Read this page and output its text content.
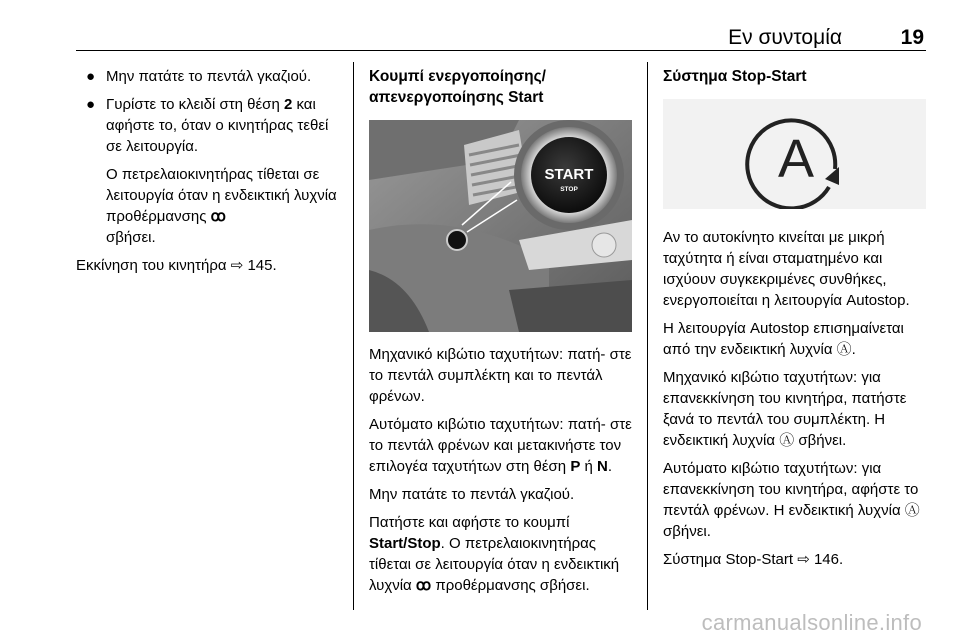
Εν συντομία	19
● Μην πατάτε το πεντάλ γκαζιού.
● Γυρίστε το κλειδί στη θέση 2 και αφήστε το, όταν ο κινητήρας τεθεί σε λειτουργία.

Ο πετρελαιοκινητήρας τίθεται σε λειτουργία όταν η ενδεικτική λυχνία προθέρμανσης ꝏ
σβήσει.

Εκκίνηση του κινητήρα ⇨ 145.

Κουμπί ενεργοποίησης/ απενεργοποίησης Start
START
STOP

Μηχανικό κιβώτιο ταχυτήτων: πατή‐ στε το πεντάλ συμπλέκτη και το πεντάλ φρένων.

Αυτόματο κιβώτιο ταχυτήτων: πατή‐ στε το πεντάλ φρένων και μετακινήστε τον επιλογέα ταχυτήτων στη θέση P ή N.

Μην πατάτε το πεντάλ γκαζιού.

Πατήστε και αφήστε το κουμπί Start/Stop. Ο πετρελαιοκινητήρας τίθεται σε λειτουργία όταν η ενδεικτική λυχνία ꝏ προθέρμανσης σβήσει.

Σύστημα Stop-Start
A

Αν το αυτοκίνητο κινείται με μικρή ταχύτητα ή είναι σταματημένο και ισχύουν συγκεκριμένες συνθήκες, ενεργοποιείται η λειτουργία Autostop.

Η λειτουργία Autostop επισημαίνεται από την ενδεικτική λυχνία Ⓐ.

Μηχανικό κιβώτιο ταχυτήτων: για επανεκκίνηση του κινητήρα, πατήστε ξανά το πεντάλ του συμπλέκτη. Η ενδεικτική λυχνία Ⓐ σβήνει.

Αυτόματο κιβώτιο ταχυτήτων: για επανεκκίνηση του κινητήρα, αφήστε το πεντάλ φρένων. Η ενδεικτική λυχνία Ⓐ σβήνει.

Σύστημα Stop-Start ⇨ 146.

carmanualsonline.info
